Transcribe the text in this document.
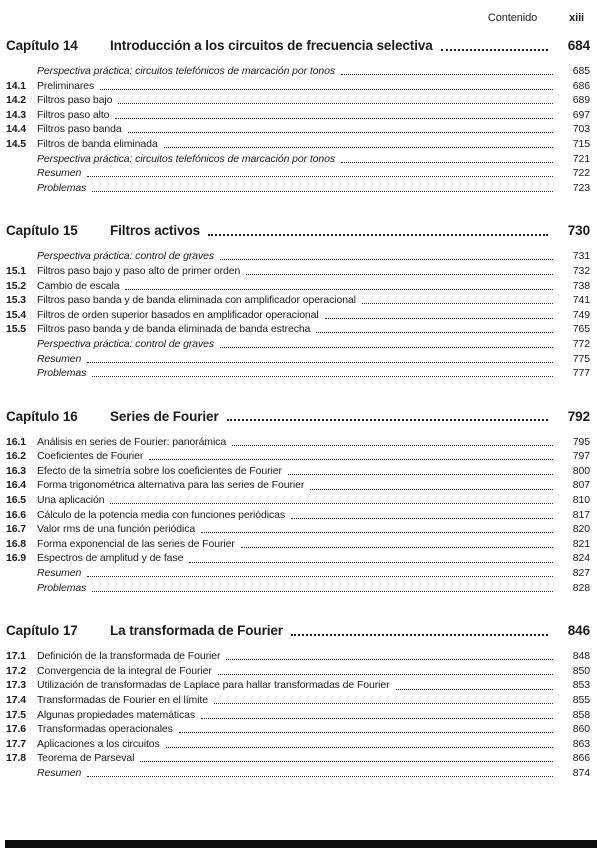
Contenido	xiii
Capítulo 14	Introducción a los circuitos de frecuencia selectiva	684
Perspectiva práctica: circuitos telefónicos de marcación por tonos	685
14.1	Preliminares	686
14.2	Filtros paso bajo	689
14.3	Filtros paso alto	697
14.4	Filtros paso banda	703
14.5	Filtros de banda eliminada	715
Perspectiva práctica: circuitos telefónicos de marcación por tonos	721
Resumen	722
Problemas	723
Capítulo 15	Filtros activos	730
Perspectiva práctica: control de graves	731
15.1	Filtros paso bajo y paso alto de primer orden	732
15.2	Cambio de escala	738
15.3	Filtros paso banda y de banda eliminada con amplificador operacional	741
15.4	Filtros de orden superior basados en amplificador operacional	749
15.5	Filtros paso banda y de banda eliminada de banda estrecha	765
Perspectiva práctica: control de graves	772
Resumen	775
Problemas	777
Capítulo 16	Series de Fourier	792
16.1	Análisis en series de Fourier: panorámica	795
16.2	Coeficientes de Fourier	797
16.3	Efecto de la simetría sobre los coeficientes de Fourier	800
16.4	Forma trigonométrica alternativa para las series de Fourier	807
16.5	Una aplicación	810
16.6	Cálculo de la potencia media con funciones periódicas	817
16.7	Valor rms de una función periódica	820
16.8	Forma exponencial de las series de Fourier	821
16.9	Espectros de amplitud y de fase	824
Resumen	827
Problemas	828
Capítulo 17	La transformada de Fourier	846
17.1	Definición de la transformada de Fourier	848
17.2	Convergencia de la integral de Fourier	850
17.3	Utilización de transformadas de Laplace para hallar transformadas de Fourier	853
17.4	Transformadas de Fourier en el límite	855
17.5	Algunas propiedades matemáticas	858
17.6	Transformadas operacionales	860
17.7	Aplicaciones a los circuitos	863
17.8	Teorema de Parseval	866
Resumen	874
